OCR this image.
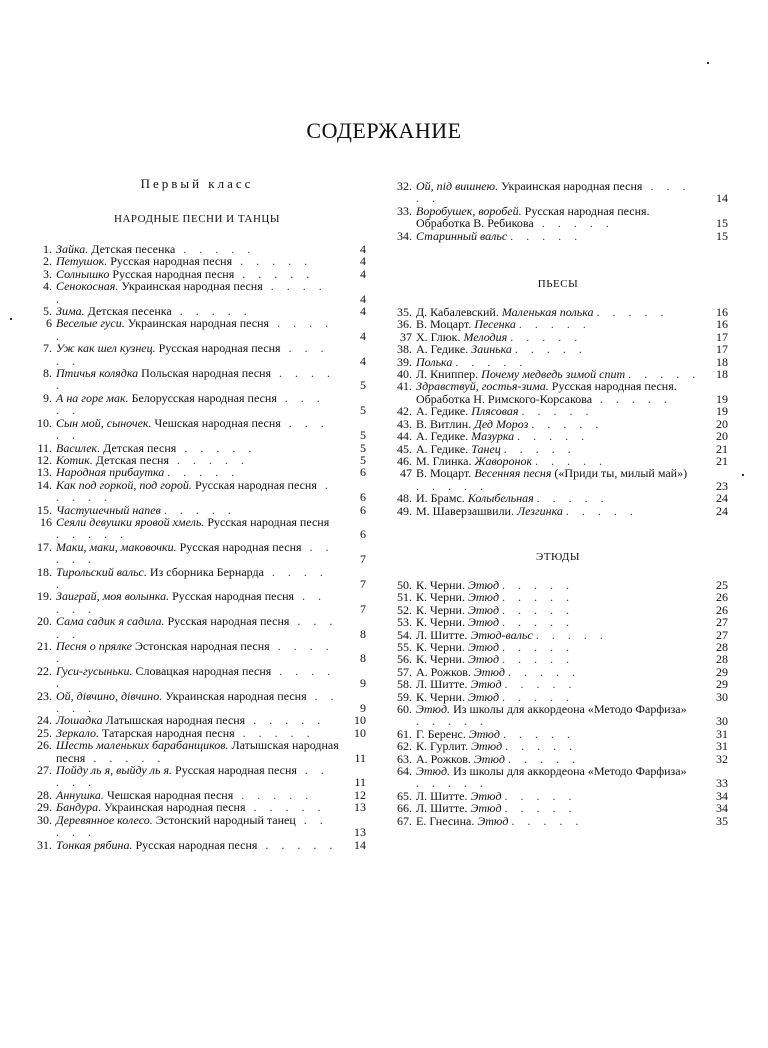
СОДЕРЖАНИЕ
Первый класс
НАРОДНЫЕ ПЕСНИ И ТАНЦЫ
1. Зайка. Детская песенка . . . . .	4
2. Петушок. Русская народная песня . . . . .	4
3. Солнышко Русская народная песня . . . . .	4
4. Сенокосная. Украинская народная песня . . . . .	4
5. Зима. Детская песенка . . . . .	4
6 Веселые гуси. Украинская народная песня . . . . .	4
7. Уж как шел кузнец. Русская народная песня . . . . .	4
8. Птичья колядка Польская народная песня . . . . .	5
9. А на горе мак. Белорусская народная песня . . . . .	5
10. Сын мой, сыночек. Чешская народная песня . . . . .	5
11. Василек. Детская песня . . . . .	5
12. Котик. Детская песня . . . . .	5
13. Народная прибаутка . . . . .	6
14. Как под горкой, под горой. Русская народная песня . . . . .	6
15. Частушечный напев . . . . .	6
16 Сеяли девушки яровой хмель. Русская народная песня . . . . .	6
17. Маки, маки, маковочки. Русская народная песня . . . . .	7
18. Тирольский вальс. Из сборника Бернарда . . . . .	7
19. Заиграй, моя волынка. Русская народная песня . . . . .	7
20. Сама садик я садила. Русская народная песня . . . . .	8
21. Песня о прялке Эстонская народная песня . . . . .	8
22. Гуси-гусыньки. Словацкая народная песня . . . . .	9
23. Ой, дівчино, дівчино. Украинская народная песня . . . . .	9
24. Лошадка Латышская народная песня . . . . .	10
25. Зеркало. Татарская народная песня . . . . .	10
26. Шесть маленьких барабанщиков. Латышская народная песня . . . . .	11
27. Пойду ль я, выйду ль я. Русская народная песня . . . . .	11
28. Аннушка. Чешская народная песня . . . . .	12
29. Бандура. Украинская народная песня . . . . .	13
30. Деревянное колесо. Эстонский народный танец . . . . .	13
31. Тонкая рябина. Русская народная песня . . . . .	14
32. Ой, під вишнею. Украинская народная песня . . . . .	14
33. Воробушек, воробей. Русская народная песня. Обработка В. Ребикова . . . . .	15
34. Старинный вальс . . . . .	15
ПЬЕСЫ
35. Д. Кабалевский. Маленькая полька . . . . .	16
36. В. Моцарт. Песенка . . . . .	16
37 Х. Глюк. Мелодия . . . . .	17
38. А. Гедике. Заинька . . . . .	17
39. Полька . . . . .	18
40. Л. Книппер. Почему медведь зимой спит . . . . .	18
41. Здравствуй, гостья-зима. Русская народная песня. Обработка Н. Римского-Корсакова . . . . .	19
42. А. Гедике. Плясовая . . . . .	19
43. В. Витлин. Дед Мороз . . . . .	20
44. А. Гедике. Мазурка . . . . .	20
45. А. Гедике. Танец . . . . .	21
46. М. Глинка. Жаворонок . . . . .	21
47 В. Моцарт. Весенняя песня («Приди ты, милый май») . . . . .	23
48. И. Брамс. Колыбельная . . . . .	24
49. М. Шаверзашвили. Лезгинка . . . . .	24
ЭТЮДЫ
50. К. Черни. Этюд . . . . .	25
51. К. Черни. Этюд . . . . .	26
52. К. Черни. Этюд . . . . .	26
53. К. Черни. Этюд . . . . .	27
54. Л. Шитте. Этюд-вальс . . . . .	27
55. К. Черни. Этюд . . . . .	28
56. К. Черни. Этюд . . . . .	28
57. А. Рожков. Этюд . . . . .	29
58. Л. Шитте. Этюд . . . . .	29
59. К. Черни. Этюд . . . . .	30
60. Этюд. Из школы для аккордеона «Методо Фарфиза» . . . . .	30
61. Г. Беренс. Этюд . . . . .	31
62. К. Гурлит. Этюд . . . . .	31
63. А. Рожков. Этюд . . . . .	32
64. Этюд. Из школы для аккордеона «Методо Фарфиза» . . . . .	33
65. Л. Шитте. Этюд . . . . .	34
66. Л. Шитте. Этюд . . . . .	34
67. Е. Гнесина. Этюд . . . . .	35
